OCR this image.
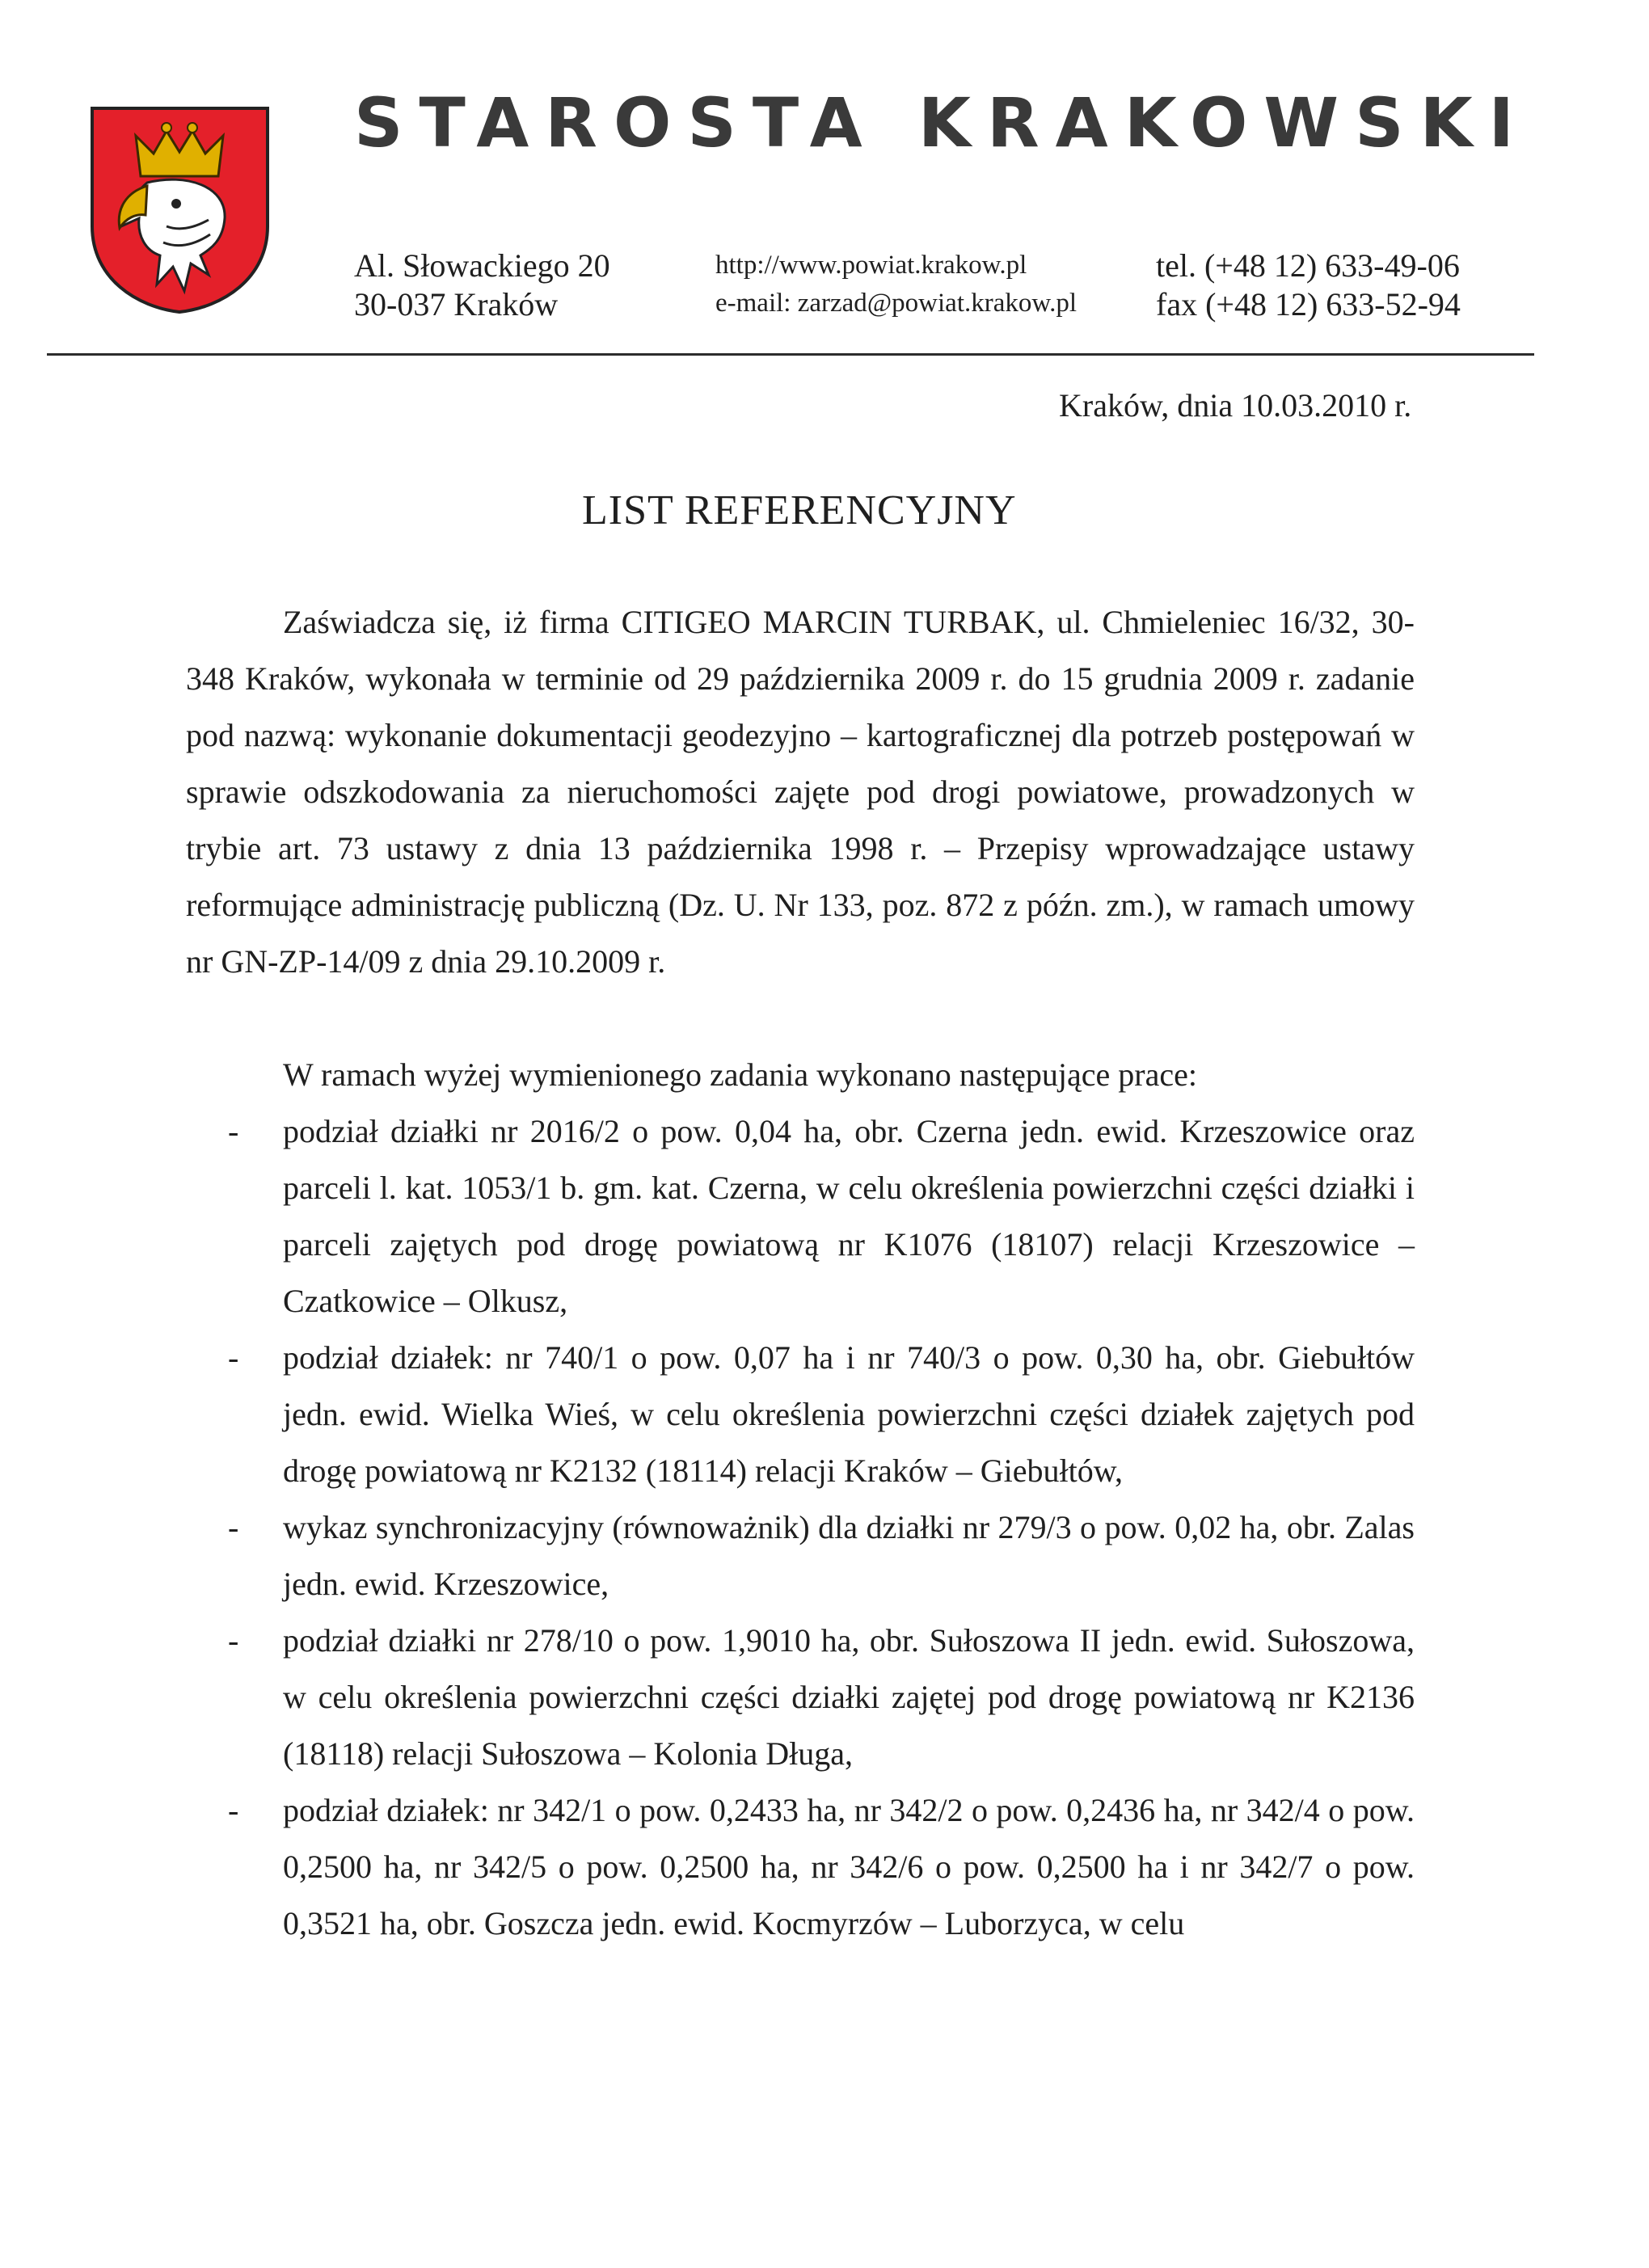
STAROSTA KRAKOWSKI
Al. Słowackiego 20
30-037 Kraków
http://www.powiat.krakow.pl
e-mail: zarzad@powiat.krakow.pl
tel. (+48 12) 633-49-06
fax (+48 12) 633-52-94
Kraków, dnia 10.03.2010 r.
LIST REFERENCYJNY

Zaświadcza się, iż firma CITIGEO MARCIN TURBAK, ul. Chmieleniec 16/32, 30-348 Kraków, wykonała w terminie od 29 października 2009 r. do 15 grudnia 2009 r. zadanie pod nazwą: wykonanie dokumentacji geodezyjno – kartograficznej dla potrzeb postępowań w sprawie odszkodowania za nieruchomości zajęte pod drogi powiatowe, prowadzonych w trybie art. 73 ustawy z dnia 13 października 1998 r. – Przepisy wprowadzające ustawy reformujące administrację publiczną (Dz. U. Nr 133, poz. 872 z późn. zm.), w ramach umowy nr GN-ZP-14/09 z dnia 29.10.2009 r.

W ramach wyżej wymienionego zadania wykonano następujące prace:

- podział działki nr 2016/2 o pow. 0,04 ha, obr. Czerna jedn. ewid. Krzeszowice oraz parceli l. kat. 1053/1 b. gm. kat. Czerna, w celu określenia powierzchni części działki i parceli zajętych pod drogę powiatową nr K1076 (18107) relacji Krzeszowice – Czatkowice – Olkusz,
- podział działek: nr 740/1 o pow. 0,07 ha i nr 740/3 o pow. 0,30 ha, obr. Giebułtów jedn. ewid. Wielka Wieś, w celu określenia powierzchni części działek zajętych pod drogę powiatową nr K2132 (18114) relacji Kraków – Giebułtów,
- wykaz synchronizacyjny (równoważnik) dla działki nr 279/3 o pow. 0,02 ha, obr. Zalas jedn. ewid. Krzeszowice,
- podział działki nr 278/10 o pow. 1,9010 ha, obr. Sułoszowa II jedn. ewid. Sułoszowa, w celu określenia powierzchni części działki zajętej pod drogę powiatową nr K2136 (18118) relacji Sułoszowa – Kolonia Długa,
- podział działek: nr 342/1 o pow. 0,2433 ha, nr 342/2 o pow. 0,2436 ha, nr 342/4 o pow. 0,2500 ha, nr 342/5 o pow. 0,2500 ha, nr 342/6 o pow. 0,2500 ha i nr 342/7 o pow. 0,3521 ha, obr. Goszcza jedn. ewid. Kocmyrzów – Luborzyca, w celu
